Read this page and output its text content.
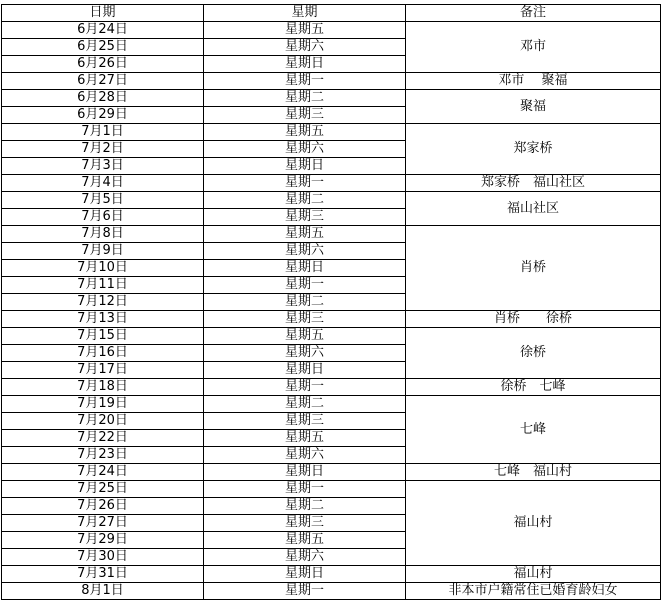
日期	星期	备注
6月24日	星期五	邓市
6月25日	星期六	
6月26日	星期日	
6月27日	星期一	邓市　 聚福
6月28日	星期二	聚福
6月29日	星期三	
7月1日	星期五	郑家桥
7月2日	星期六	
7月3日	星期日	
7月4日	星期一	郑家桥　福山社区
7月5日	星期二	福山社区
7月6日	星期三	
7月8日	星期五	肖桥
7月9日	星期六	
7月10日	星期日	
7月11日	星期一	
7月12日	星期二	
7月13日	星期三	肖桥　　徐桥
7月15日	星期五	徐桥
7月16日	星期六	
7月17日	星期日	
7月18日	星期一	徐桥　七峰
7月19日	星期二	七峰
7月20日	星期三	
7月22日	星期五	
7月23日	星期六	
7月24日	星期日	七峰　福山村
7月25日	星期一	福山村
7月26日	星期二	
7月27日	星期三	
7月29日	星期五	
7月30日	星期六	
7月31日	星期日	福山村
8月1日	星期一	非本市户籍常住已婚育龄妇女
